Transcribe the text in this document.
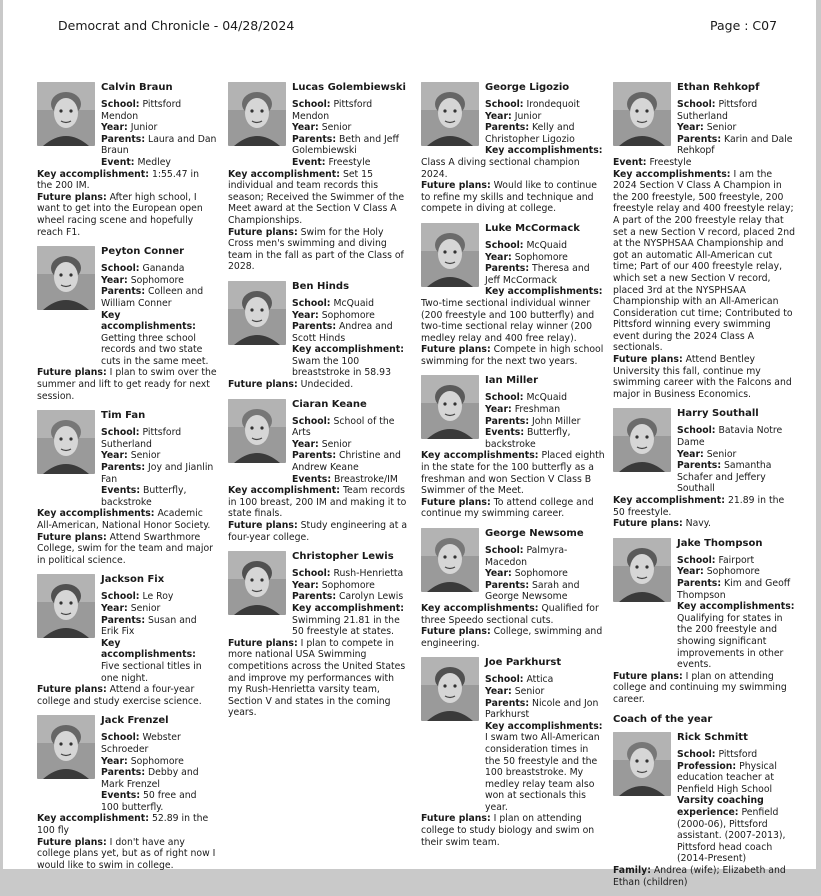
Democrat and Chronicle - 04/28/2024	Page : C07
Calvin Braun

School: Pittsford Mendon

Year: Junior

Parents: Laura and Dan Braun

Event: Medley

Key accomplishment: 1:55.47 in the 200 IM.

Future plans: After high school, I want to get into the European open wheel racing scene and hopefully reach F1.

Peyton Conner

School: Gananda

Year: Sophomore

Parents: Colleen and William Conner

Key accomplishments: Getting three school records and two state cuts in the same meet.

Future plans: I plan to swim over the summer and lift to get ready for next session.

Tim Fan

School: Pittsford Sutherland

Year: Senior

Parents: Joy and Jianlin Fan

Events: Butterfly, backstroke

Key accomplishments: Academic All-American, National Honor Society.

Future plans: Attend Swarthmore College, swim for the team and major in political science.

Jackson Fix

School: Le Roy

Year: Senior

Parents: Susan and Erik Fix

Key accomplishments: Five sectional titles in one night.

Future plans: Attend a four-year college and study exercise science.

Jack Frenzel

School: Webster Schroeder

Year: Sophomore

Parents: Debby and Mark Frenzel

Events: 50 free and 100 butterfly.

Key accomplishment: 52.89 in the 100 fly

Future plans: I don't have any college plans yet, but as of right now I would like to swim in college.

Lucas Golembiewski

School: Pittsford Mendon

Year: Senior

Parents: Beth and Jeff Golembiewski

Event: Freestyle

Key accomplishment: Set 15 individual and team records this season; Received the Swimmer of the Meet award at the Section V Class A Championships.

Future plans: Swim for the Holy Cross men's swimming and diving team in the fall as part of the Class of 2028.

Ben Hinds

School: McQuaid

Year: Sophomore

Parents: Andrea and Scott Hinds

Key accomplishment: Swam the 100 breaststroke in 58.93

Future plans: Undecided.

Ciaran Keane

School: School of the Arts

Year: Senior

Parents: Christine and Andrew Keane

Events: Breastroke/IM

Key accomplishment: Team records in 100 breast, 200 IM and making it to state finals.

Future plans: Study engineering at a four-year college.

Christopher Lewis

School: Rush-Henrietta

Year: Sophomore

Parents: Carolyn Lewis

Key accomplishment: Swimming 21.81 in the 50 freestyle at states.

Future plans: I plan to compete in more national USA Swimming competitions across the United States and improve my performances with my Rush-Henrietta varsity team, Section V and states in the coming years.

George Ligozio

School: Irondequoit

Year: Junior

Parents: Kelly and Christopher Ligozio

Key accomplishments: Class A diving sectional champion 2024.

Future plans: Would like to continue to refine my skills and technique and compete in diving at college.

Luke McCormack

School: McQuaid

Year: Sophomore

Parents: Theresa and Jeff McCormack

Key accomplishments: Two-time sectional individual winner (200 freestyle and 100 butterfly) and two-time sectional relay winner (200 medley relay and 400 free relay).

Future plans: Compete in high school swimming for the next two years.

Ian Miller

School: McQuaid

Year: Freshman

Parents: John Miller

Events: Butterfly, backstroke

Key accomplishments: Placed eighth in the state for the 100 butterfly as a freshman and won Section V Class B Swimmer of the Meet.

Future plans: To attend college and continue my swimming career.

George Newsome

School: Palmyra-Macedon

Year: Sophomore

Parents: Sarah and George Newsome

Key accomplishments: Qualified for three Speedo sectional cuts.

Future plans: College, swimming and engineering.

Joe Parkhurst

School: Attica

Year: Senior

Parents: Nicole and Jon Parkhurst

Key accomplishments: I swam two All-American consideration times in the 50 freestyle and the 100 breaststroke. My medley relay team also won at sectionals this year.

Future plans: I plan on attending college to study biology and swim on their swim team.

Ethan Rehkopf

School: Pittsford Sutherland

Year: Senior

Parents: Karin and Dale Rehkopf

Event: Freestyle

Key accomplishments: I am the 2024 Section V Class A Champion in the 200 freestyle, 500 freestyle, 200 freestyle relay and 400 freestyle relay; A part of the 200 freestyle relay that set a new Section V record, placed 2nd at the NYSPHSAA Championship and got an automatic All-American cut time; Part of our 400 freestyle relay, which set a new Section V record, placed 3rd at the NYSPHSAA Championship with an All-American Consideration cut time; Contributed to Pittsford winning every swimming event during the 2024 Class A sectionals.

Future plans: Attend Bentley University this fall, continue my swimming career with the Falcons and major in Business Economics.

Harry Southall

School: Batavia Notre Dame

Year: Senior

Parents: Samantha Schafer and Jeffery Southall

Key accomplishment: 21.89 in the 50 freestyle.

Future plans: Navy.

Jake Thompson

School: Fairport

Year: Sophomore

Parents: Kim and Geoff Thompson

Key accomplishments: Qualifying for states in the 200 freestyle and showing significant improvements in other events.

Future plans: I plan on attending college and continuing my swimming career.

Coach of the year
Rick Schmitt

School: Pittsford

Profession: Physical education teacher at Penfield High School

Varsity coaching experience: Penfield (2000-06), Pittsford assistant. (2007-2013), Pittsford head coach (2014-Present)

Family: Andrea (wife); Elizabeth and Ethan (children)
